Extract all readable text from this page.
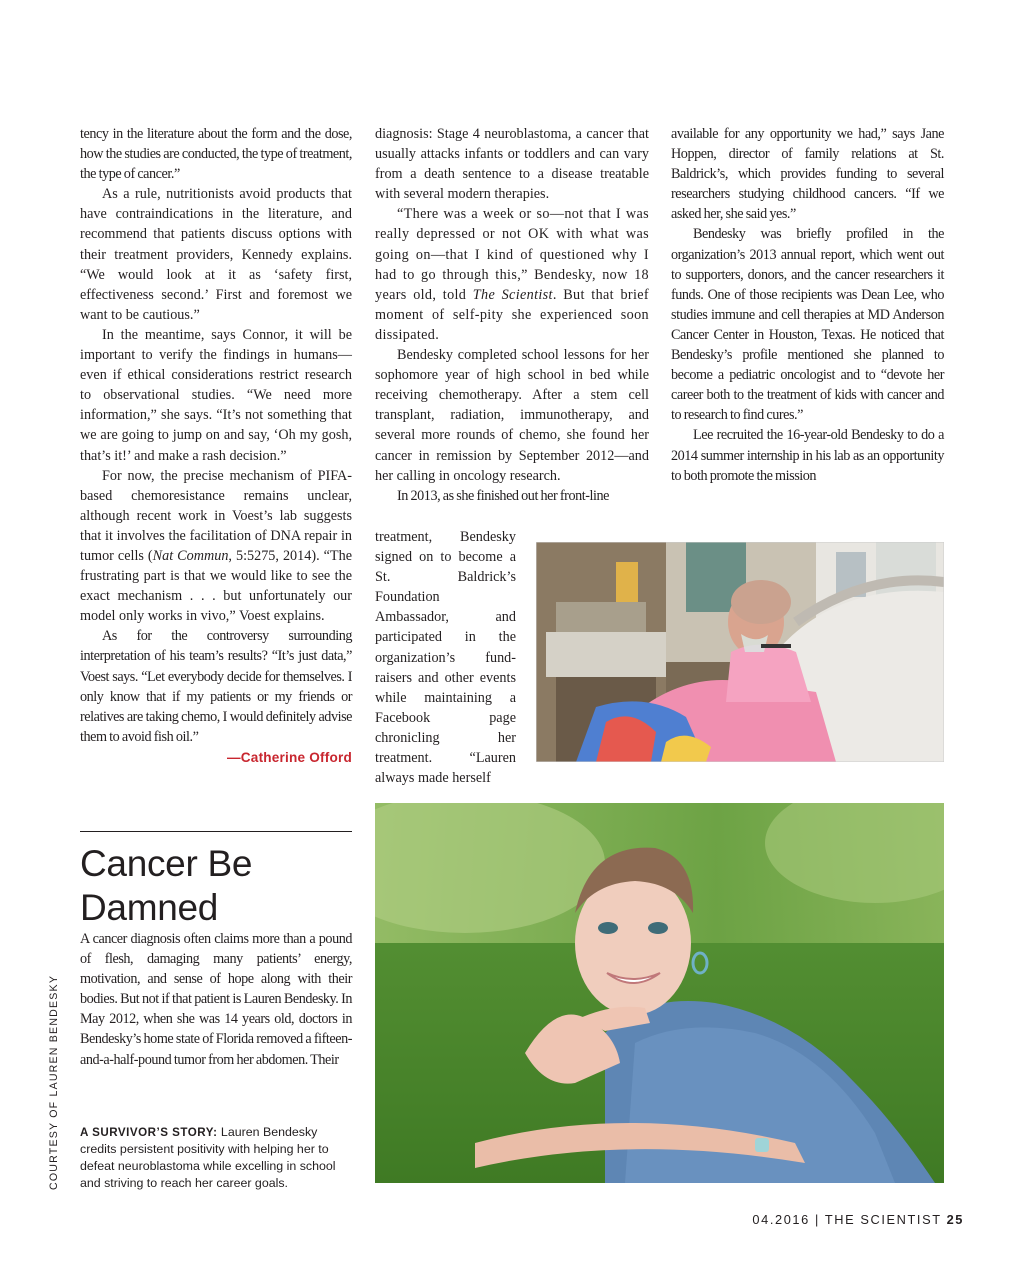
tency in the literature about the form and the dose, how the studies are conducted, the type of treatment, the type of cancer.”

As a rule, nutritionists avoid products that have contraindications in the literature, and recommend that patients discuss options with their treatment providers, Kennedy explains. “We would look at it as ‘safety first, effectiveness second.’ First and foremost we want to be cautious.”

In the meantime, says Connor, it will be important to verify the findings in humans—even if ethical considerations restrict research to observational studies. “We need more information,” she says. “It’s not something that we are going to jump on and say, ‘Oh my gosh, that’s it!’ and make a rash decision.”

For now, the precise mechanism of PIFA-based chemoresistance remains unclear, although recent work in Voest’s lab suggests that it involves the facilitation of DNA repair in tumor cells (Nat Commun, 5:5275, 2014). “The frustrating part is that we would like to see the exact mechanism . . . but unfortunately our model only works in vivo,” Voest explains.

As for the controversy surrounding interpretation of his team’s results? “It’s just data,” Voest says. “Let everybody decide for themselves. I only know that if my patients or my friends or relatives are taking chemo, I would definitely advise them to avoid fish oil.”

—Catherine Offord
Cancer Be Damned

A cancer diagnosis often claims more than a pound of flesh, damaging many patients’ energy, motivation, and sense of hope along with their bodies. But not if that patient is Lauren Bendesky. In May 2012, when she was 14 years old, doctors in Bendesky’s home state of Florida removed a fifteen-and-a-half-pound tumor from her abdomen. Their

A SURVIVOR’S STORY: Lauren Bendesky credits persistent positivity with helping her to defeat neuroblastoma while excelling in school and striving to reach her career goals.
COURTESY OF LAUREN BENDESKY

diagnosis: Stage 4 neuroblastoma, a cancer that usually attacks infants or toddlers and can vary from a death sentence to a disease treatable with several modern therapies.

“There was a week or so—not that I was really depressed or not OK with what was going on—that I kind of questioned why I had to go through this,” Bendesky, now 18 years old, told The Scientist. But that brief moment of self-pity she experienced soon dissipated.

Bendesky completed school lessons for her sophomore year of high school in bed while receiving chemotherapy. After a stem cell transplant, radiation, immunotherapy, and several more rounds of chemo, she found her cancer in remission by September 2012—and her calling in oncology research.

In 2013, as she finished out her front-line

treatment, Bendesky signed on to become a St. Baldrick’s Foundation Ambassador, and participated in the organization’s fund-raisers and other events while maintaining a Facebook page chronicling her treatment. “Lauren always made herself

available for any opportunity we had,” says Jane Hoppen, director of family relations at St. Baldrick’s, which provides funding to several researchers studying childhood cancers. “If we asked her, she said yes.”

Bendesky was briefly profiled in the organization’s 2013 annual report, which went out to supporters, donors, and the cancer researchers it funds. One of those recipients was Dean Lee, who studies immune and cell therapies at MD Anderson Cancer Center in Houston, Texas. He noticed that Bendesky’s profile mentioned she planned to become a pediatric oncologist and to “devote her career both to the treatment of kids with cancer and to research to find cures.”

Lee recruited the 16-year-old Bendesky to do a 2014 summer internship in his lab as an opportunity to both promote the mission

04.2016 | THE SCIENTIST 25
